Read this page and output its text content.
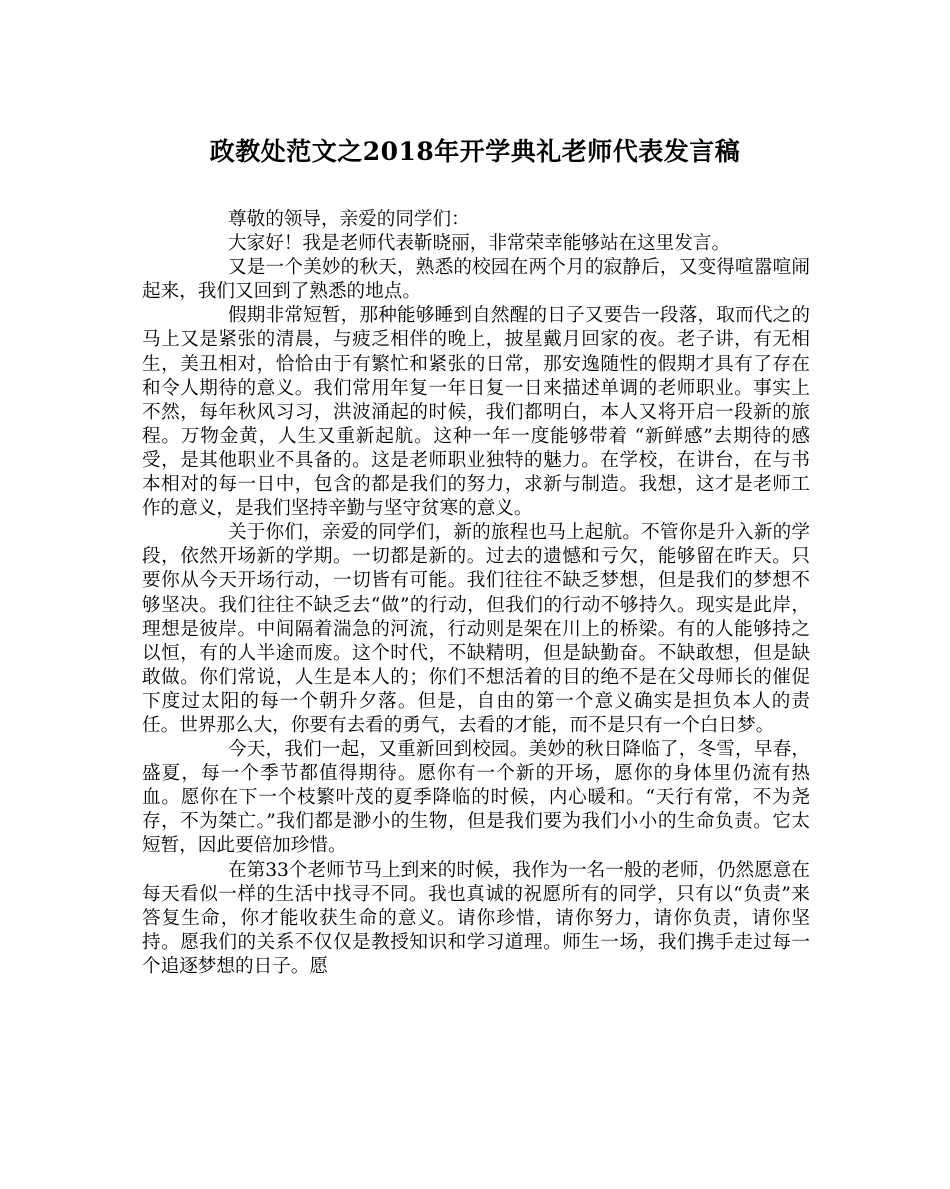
政教处范文之2018年开学典礼老师代表发言稿

尊敬的领导，亲爱的同学们：

大家好！我是老师代表靳晓丽，非常荣幸能够站在这里发言。

又是一个美妙的秋天，熟悉的校园在两个月的寂静后，又变得喧嚣喧闹起来，我们又回到了熟悉的地点。

假期非常短暂，那种能够睡到自然醒的日子又要告一段落，取而代之的马上又是紧张的清晨，与疲乏相伴的晚上，披星戴月回家的夜。老子讲，有无相生，美丑相对，恰恰由于有繁忙和紧张的日常，那安逸随性的假期才具有了存在和令人期待的意义。我们常用年复一年日复一日来描述单调的老师职业。事实上不然，每年秋风习习，洪波涌起的时候，我们都明白，本人又将开启一段新的旅程。万物金黄，人生又重新起航。这种一年一度能够带着 “新鲜感”去期待的感受，是其他职业不具备的。这是老师职业独特的魅力。在学校，在讲台，在与书本相对的每一日中，包含的都是我们的努力，求新与制造。我想，这才是老师工作的意义，是我们坚持辛勤与坚守贫寒的意义。

关于你们，亲爱的同学们，新的旅程也马上起航。不管你是升入新的学段，依然开场新的学期。一切都是新的。过去的遗憾和亏欠，能够留在昨天。只要你从今天开场行动，一切皆有可能。我们往往不缺乏梦想，但是我们的梦想不够坚决。我们往往不缺乏去“做”的行动，但我们的行动不够持久。现实是此岸，理想是彼岸。中间隔着湍急的河流，行动则是架在川上的桥梁。有的人能够持之以恒，有的人半途而废。这个时代，不缺精明，但是缺勤奋。不缺敢想，但是缺敢做。你们常说，人生是本人的；你们不想活着的目的绝不是在父母师长的催促下度过太阳的每一个朝升夕落。但是，自由的第一个意义确实是担负本人的责任。世界那么大，你要有去看的勇气，去看的才能，而不是只有一个白日梦。

今天，我们一起，又重新回到校园。美妙的秋日降临了，冬雪，早春，盛夏，每一个季节都值得期待。愿你有一个新的开场，愿你的身体里仍流有热血。愿你在下一个枝繁叶茂的夏季降临的时候，内心暖和。“天行有常，不为尧存，不为桀亡。”我们都是渺小的生物，但是我们要为我们小小的生命负责。它太短暂，因此要倍加珍惜。

在第33个老师节马上到来的时候，我作为一名一般的老师，仍然愿意在每天看似一样的生活中找寻不同。我也真诚的祝愿所有的同学，只有以“负责”来答复生命，你才能收获生命的意义。请你珍惜，请你努力，请你负责，请你坚持。愿我们的关系不仅仅是教授知识和学习道理。师生一场，我们携手走过每一个追逐梦想的日子。愿
